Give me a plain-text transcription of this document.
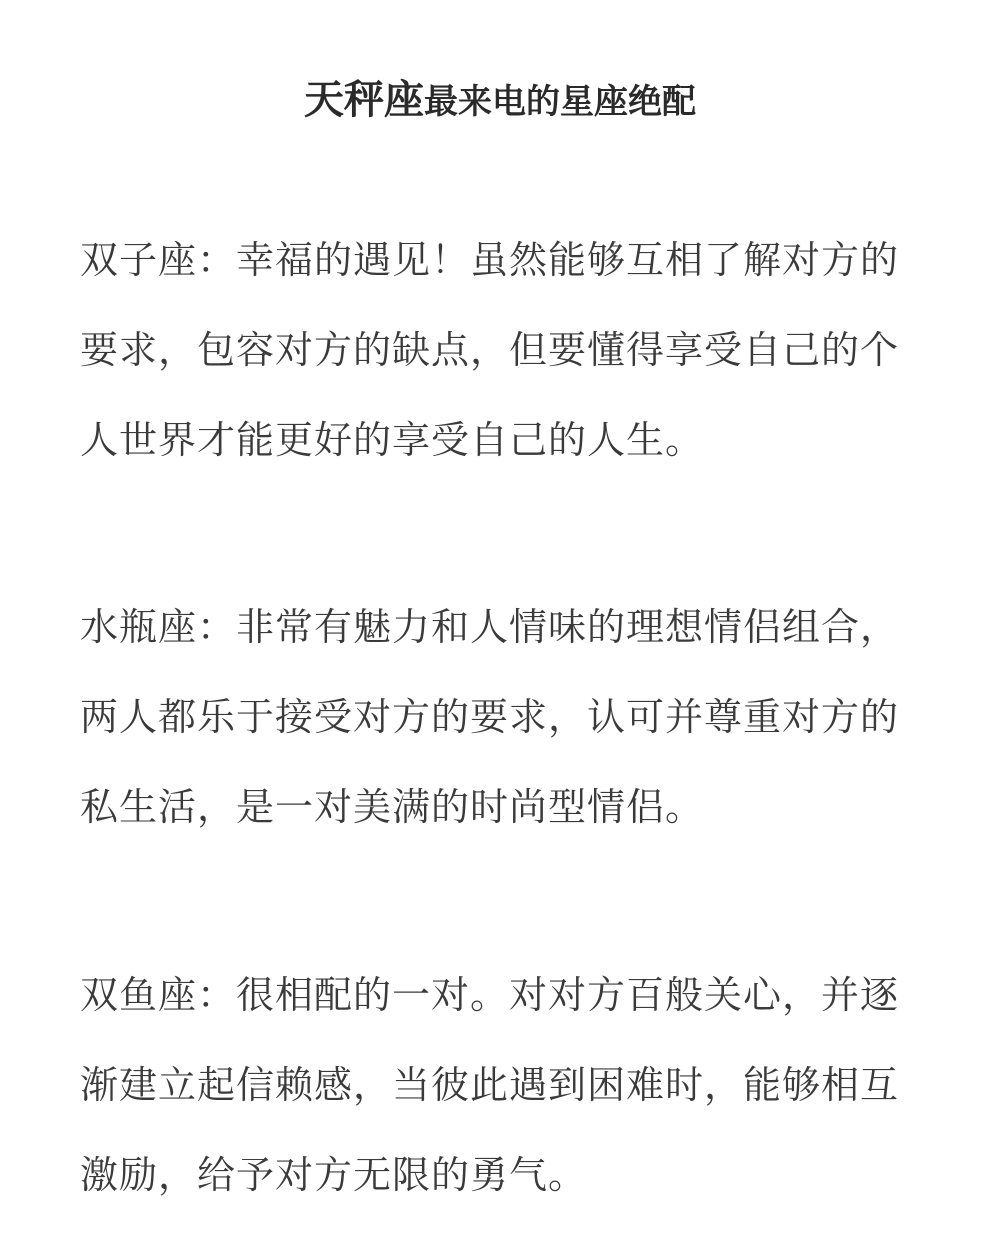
天秤座最来电的星座绝配
双子座：幸福的遇见！虽然能够互相了解对方的
要求，包容对方的缺点，但要懂得享受自己的个
人世界才能更好的享受自己的人生。
水瓶座：非常有魅力和人情味的理想情侣组合，
两人都乐于接受对方的要求，认可并尊重对方的
私生活，是一对美满的时尚型情侣。
双鱼座：很相配的一对。对对方百般关心，并逐
渐建立起信赖感，当彼此遇到困难时，能够相互
激励，给予对方无限的勇气。
